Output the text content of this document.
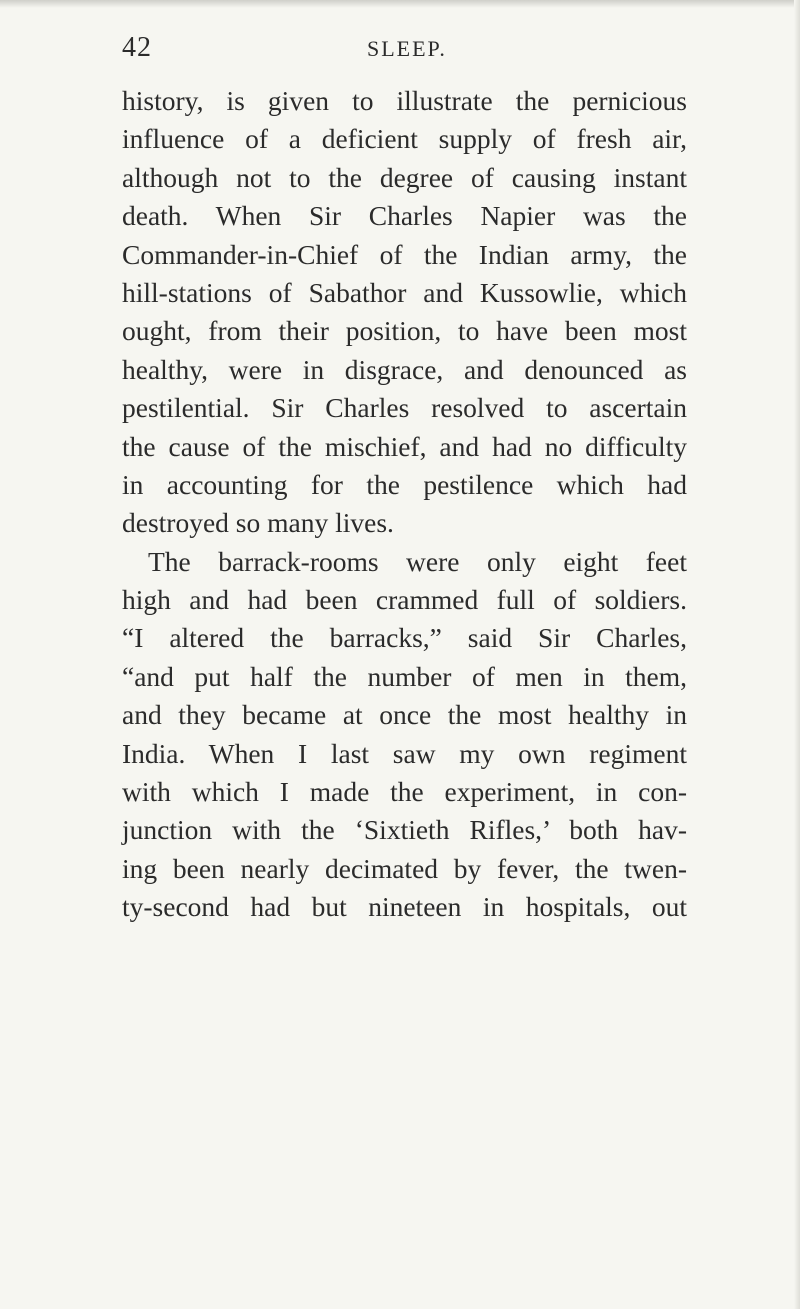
42	SLEEP.
history, is given to illustrate the pernicious
influence of a deficient supply of fresh air,
although not to the degree of causing instant
death. When Sir Charles Napier was the
Commander-in-Chief of the Indian army, the
hill-stations of Sabathor and Kussowlie, which
ought, from their position, to have been most
healthy, were in disgrace, and denounced as
pestilential. Sir Charles resolved to ascertain
the cause of the mischief, and had no difficulty
in accounting for the pestilence which had
destroyed so many lives.
The barrack-rooms were only eight feet
high and had been crammed full of soldiers.
“I altered the barracks,” said Sir Charles,
“and put half the number of men in them,
and they became at once the most healthy in
India. When I last saw my own regiment
with which I made the experiment, in con-
junction with the ‘Sixtieth Rifles,’ both hav-
ing been nearly decimated by fever, the twen-
ty-second had but nineteen in hospitals, out
